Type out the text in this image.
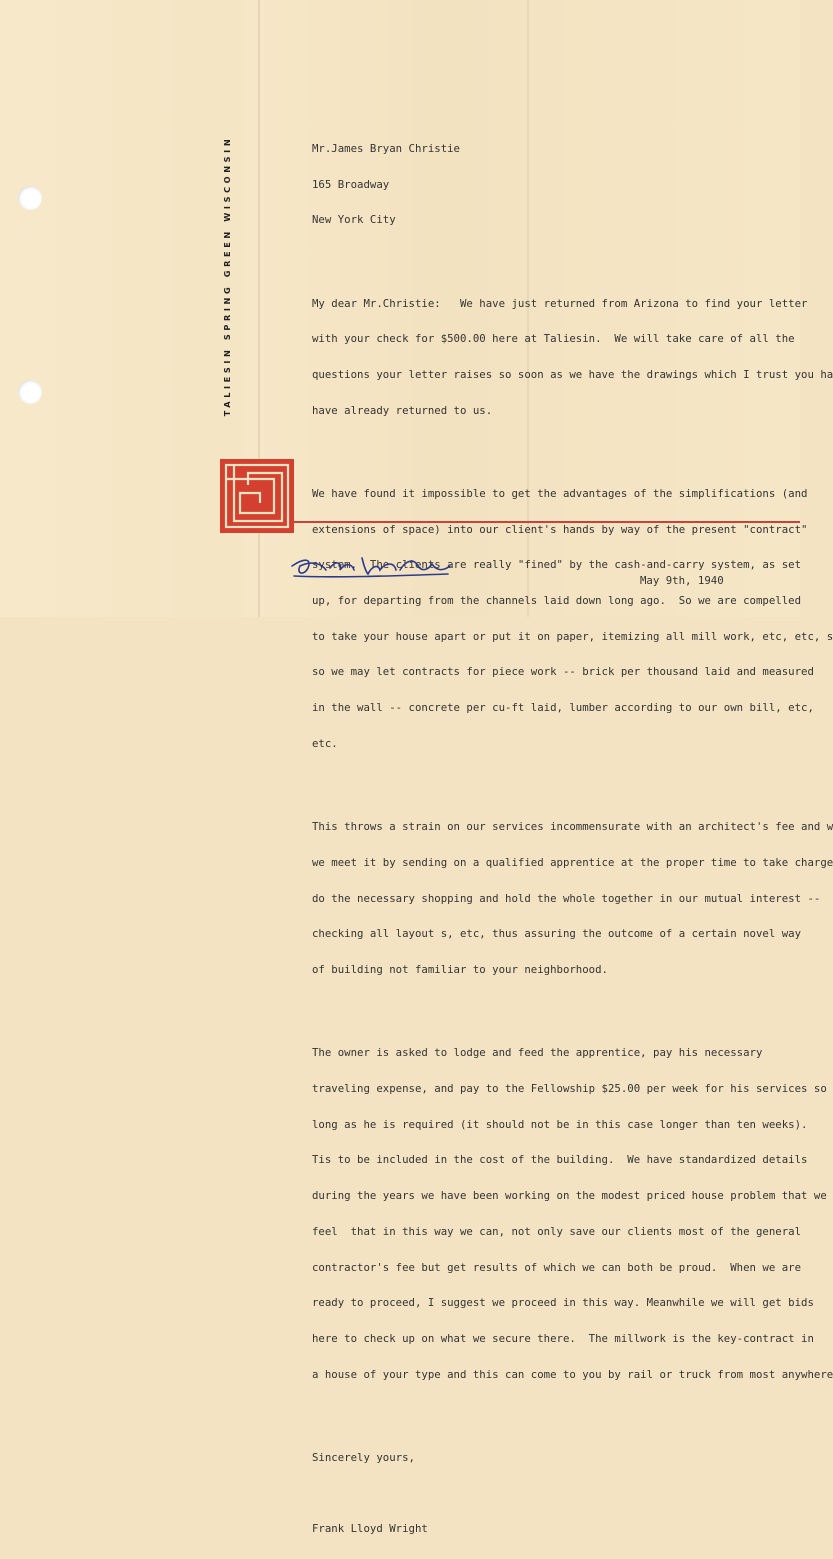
TALIESIN SPRING GREEN WISCONSIN

	Mr.James Bryan Christie

165 Broadway

New York City

My dear Mr.Christie:   We have just returned from Arizona to find your letter

with your check for $500.00 here at Taliesin.  We will take care of all the

questions your letter raises so soon as we have the drawings which I trust you ha

have already returned to us.

We have found it impossible to get the advantages of the simplifications (and

extensions of space) into our client's hands by way of the present "contract"

system.  The clients are really "fined" by the cash-and-carry system, as set

up, for departing from the channels laid down long ago.  So we are compelled

to take your house apart or put it on paper, itemizing all mill work, etc, etc, s

so we may let contracts for piece work -- brick per thousand laid and measured

in the wall -- concrete per cu-ft laid, lumber according to our own bill, etc,

etc.

This throws a strain on our services incommensurate with an architect's fee and w

we meet it by sending on a qualified apprentice at the proper time to take charge

do the necessary shopping and hold the whole together in our mutual interest --

checking all layout s, etc, thus assuring the outcome of a certain novel way

of building not familiar to your neighborhood.

The owner is asked to lodge and feed the apprentice, pay his necessary

traveling expense, and pay to the Fellowship $25.00 per week for his services so

long as he is required (it should not be in this case longer than ten weeks).

Tis to be included in the cost of the building.  We have standardized details

during the years we have been working on the modest priced house problem that we

feel  that in this way we can, not only save our clients most of the general

contractor's fee but get results of which we can both be proud.  When we are

ready to proceed, I suggest we proceed in this way. Meanwhile we will get bids

here to check up on what we secure there.  The millwork is the key-contract in

a house of your type and this can come to you by rail or truck from most anywhere

Sincerely yours,

Frank Lloyd Wright

May 9th, 1940
